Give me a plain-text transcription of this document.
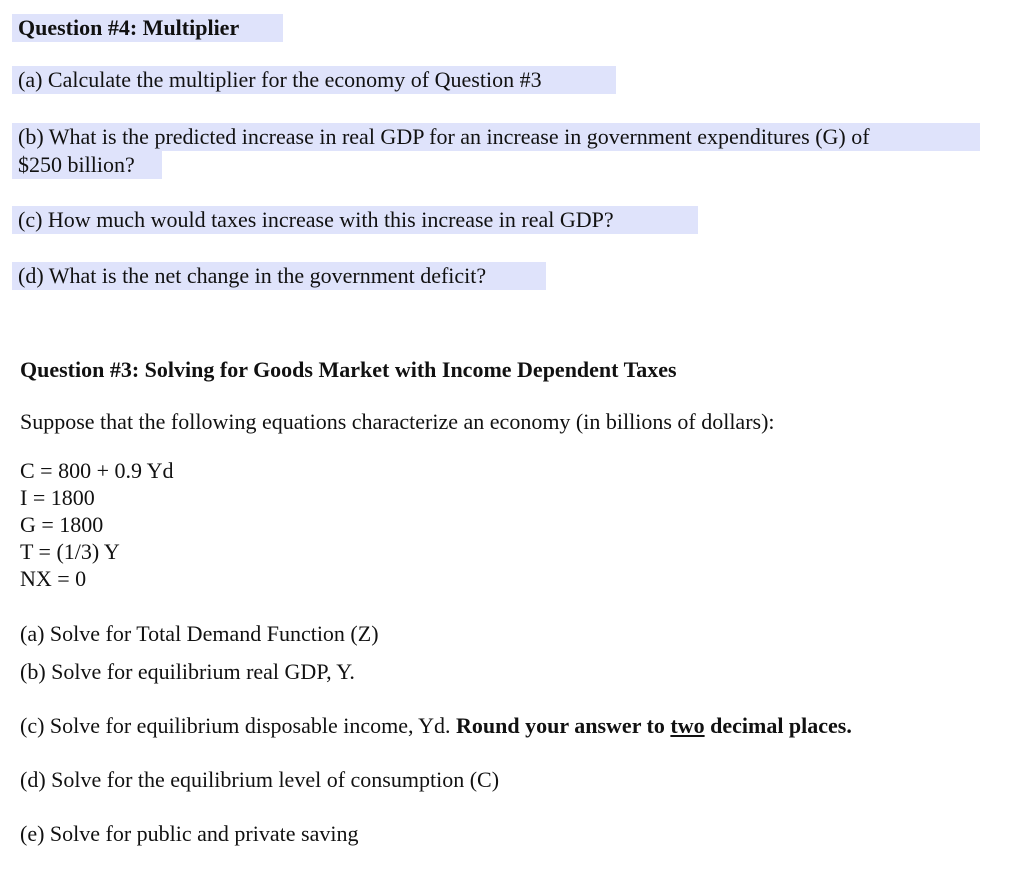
Question #4: Multiplier
(a) Calculate the multiplier for the economy of Question #3
(b) What is the predicted increase in real GDP for an increase in government expenditures (G) of
$250 billion?
(c) How much would taxes increase with this increase in real GDP?
(d) What is the net change in the government deficit?
Question #3: Solving for Goods Market with Income Dependent Taxes
Suppose that the following equations characterize an economy (in billions of dollars):
C = 800 + 0.9 Yd
I = 1800
G = 1800
T = (1/3) Y
NX = 0
(a) Solve for Total Demand Function (Z)
(b) Solve for equilibrium real GDP, Y.
(c) Solve for equilibrium disposable income, Yd. Round your answer to two decimal places.
(d) Solve for the equilibrium level of consumption (C)
(e) Solve for public and private saving
